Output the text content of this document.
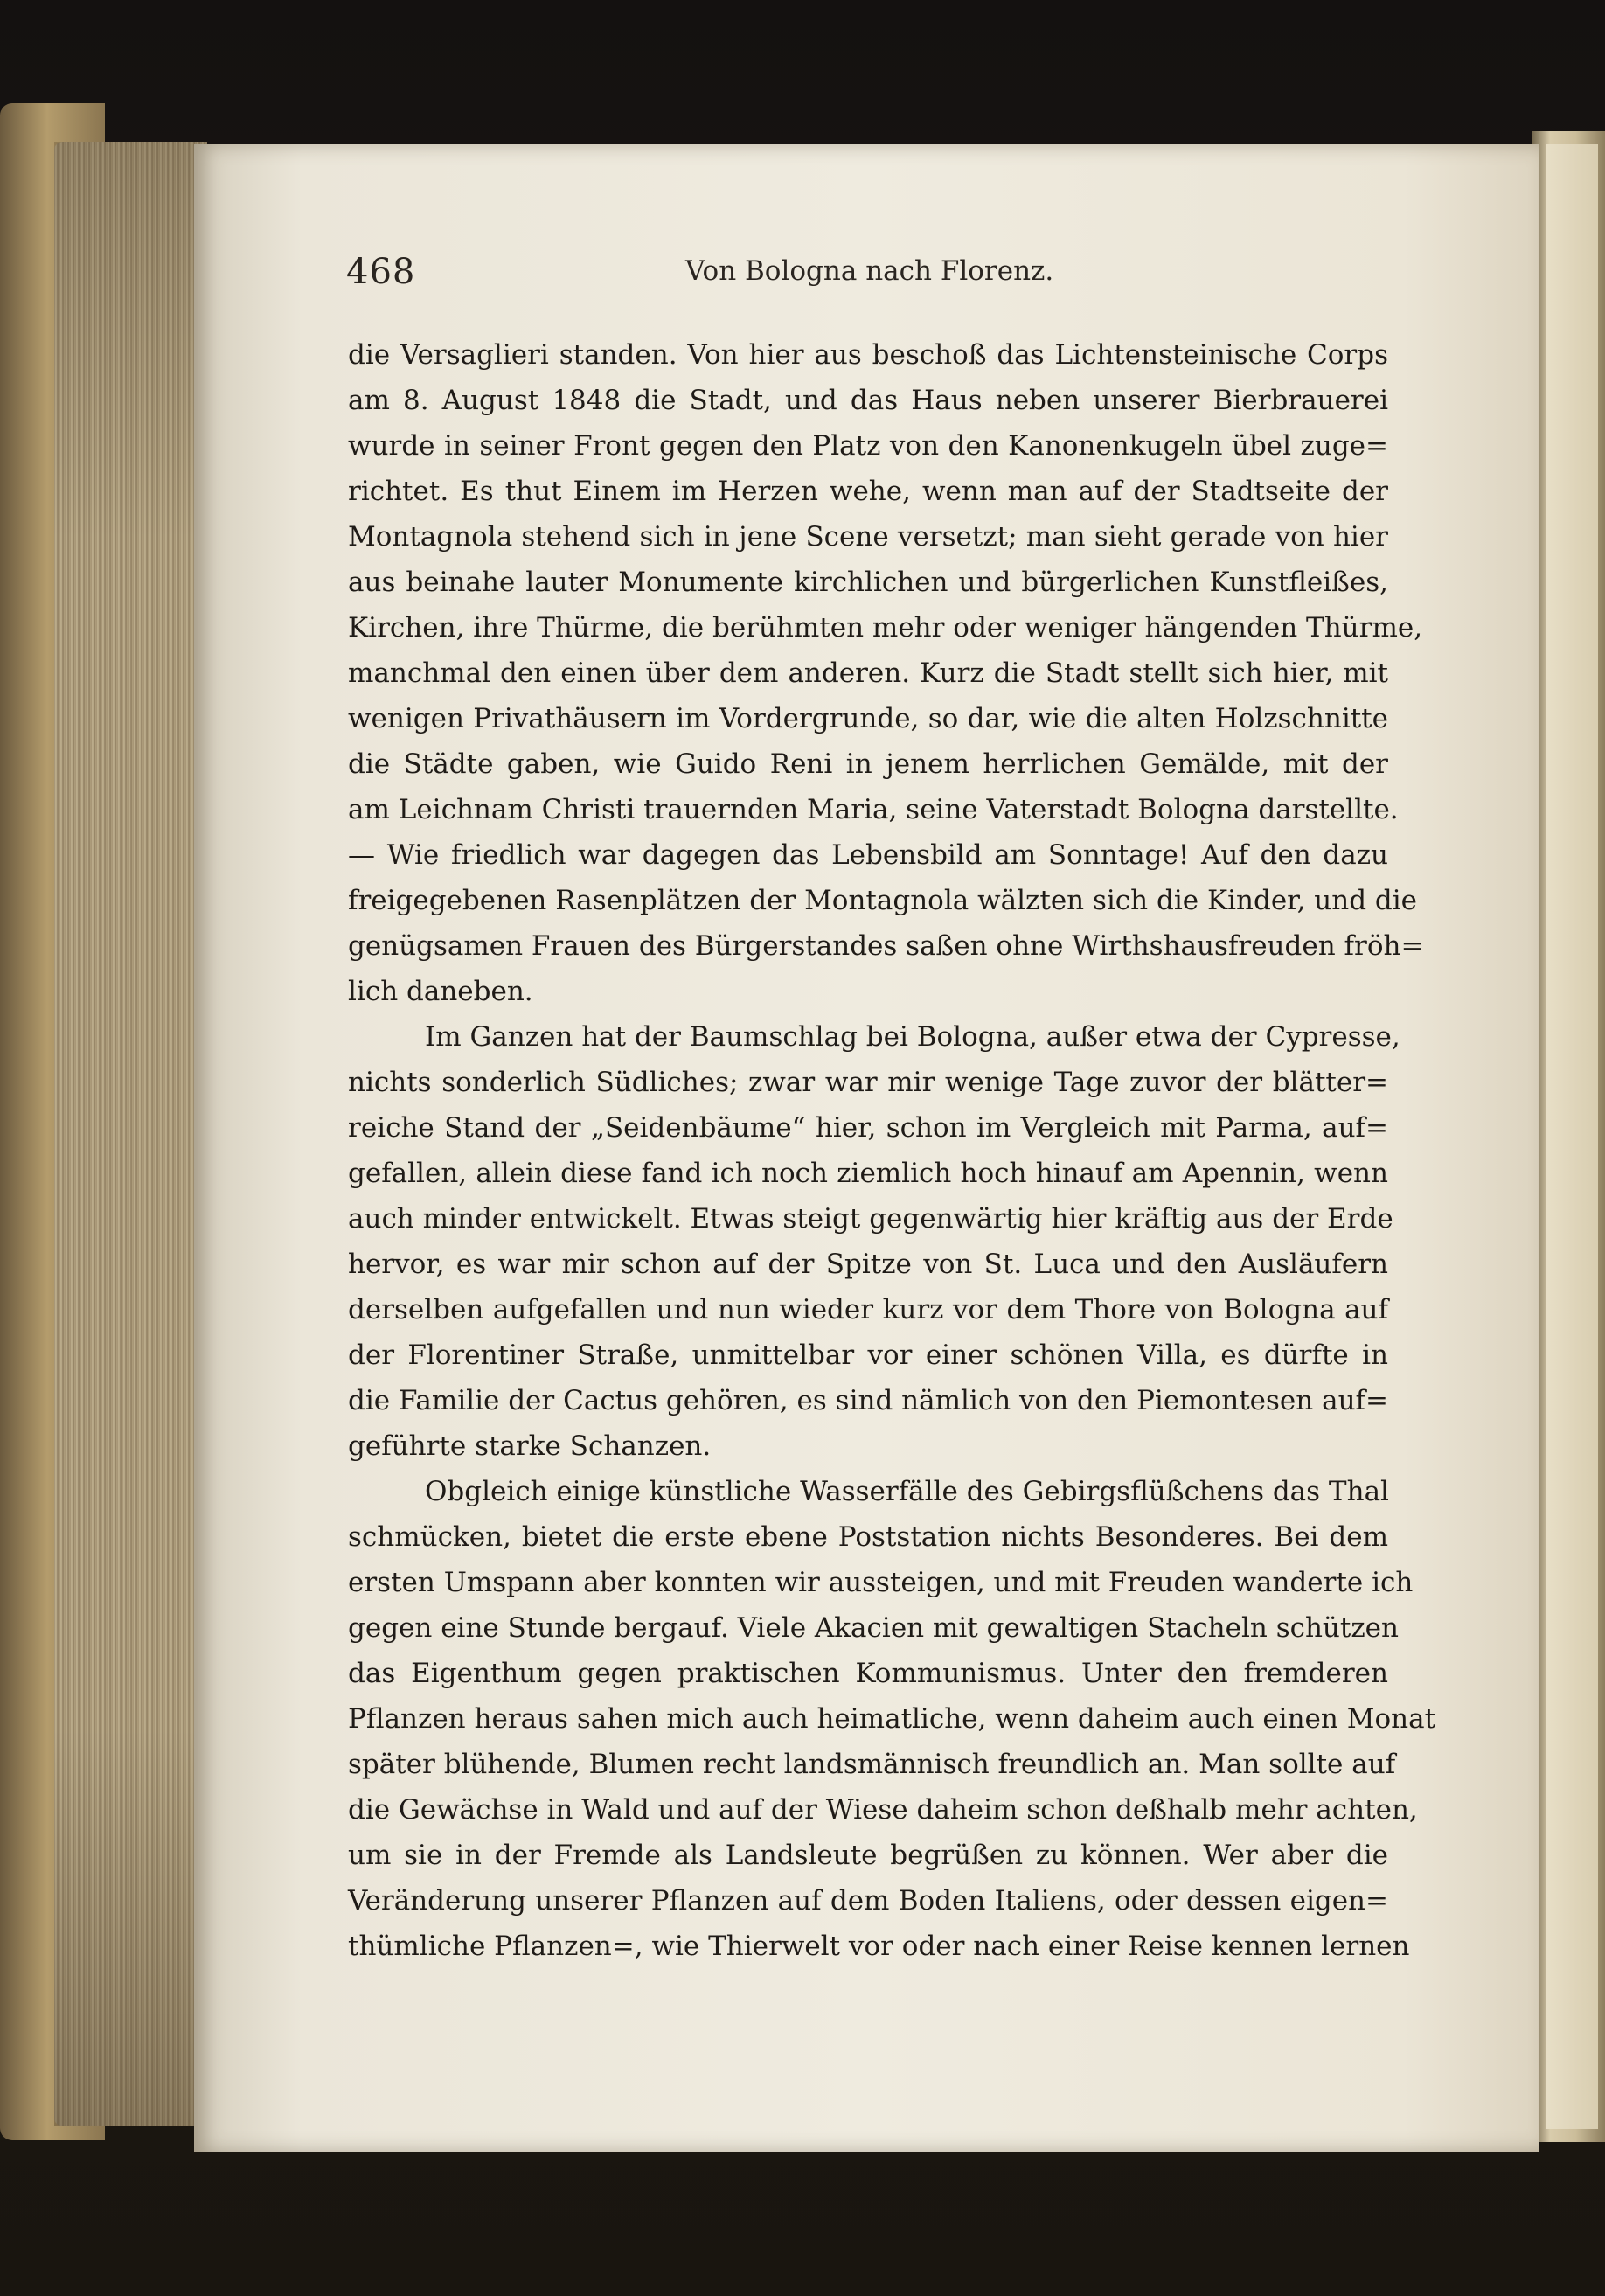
468	Von Bologna nach Florenz.
die Versaglieri standen. Von hier aus beschoß das Lichtensteinische Corps
am 8. August 1848 die Stadt, und das Haus neben unserer Bierbrauerei
wurde in seiner Front gegen den Platz von den Kanonenkugeln übel zuge=
richtet. Es thut Einem im Herzen wehe, wenn man auf der Stadtseite der
Montagnola stehend sich in jene Scene versetzt; man sieht gerade von hier
aus beinahe lauter Monumente kirchlichen und bürgerlichen Kunstfleißes,
Kirchen, ihre Thürme, die berühmten mehr oder weniger hängenden Thürme,
manchmal den einen über dem anderen. Kurz die Stadt stellt sich hier, mit
wenigen Privathäusern im Vordergrunde, so dar, wie die alten Holzschnitte
die Städte gaben, wie Guido Reni in jenem herrlichen Gemälde, mit der
am Leichnam Christi trauernden Maria, seine Vaterstadt Bologna darstellte.
— Wie friedlich war dagegen das Lebensbild am Sonntage! Auf den dazu
freigegebenen Rasenplätzen der Montagnola wälzten sich die Kinder, und die
genügsamen Frauen des Bürgerstandes saßen ohne Wirthshausfreuden fröh=
lich daneben.
Im Ganzen hat der Baumschlag bei Bologna, außer etwa der Cypresse,
nichts sonderlich Südliches; zwar war mir wenige Tage zuvor der blätter=
reiche Stand der „Seidenbäume“ hier, schon im Vergleich mit Parma, auf=
gefallen, allein diese fand ich noch ziemlich hoch hinauf am Apennin, wenn
auch minder entwickelt. Etwas steigt gegenwärtig hier kräftig aus der Erde
hervor, es war mir schon auf der Spitze von St. Luca und den Ausläufern
derselben aufgefallen und nun wieder kurz vor dem Thore von Bologna auf
der Florentiner Straße, unmittelbar vor einer schönen Villa, es dürfte in
die Familie der Cactus gehören, es sind nämlich von den Piemontesen auf=
geführte starke Schanzen.
Obgleich einige künstliche Wasserfälle des Gebirgsflüßchens das Thal
schmücken, bietet die erste ebene Poststation nichts Besonderes. Bei dem
ersten Umspann aber konnten wir aussteigen, und mit Freuden wanderte ich
gegen eine Stunde bergauf. Viele Akacien mit gewaltigen Stacheln schützen
das Eigenthum gegen praktischen Kommunismus. Unter den fremderen
Pflanzen heraus sahen mich auch heimatliche, wenn daheim auch einen Monat
später blühende, Blumen recht landsmännisch freundlich an. Man sollte auf
die Gewächse in Wald und auf der Wiese daheim schon deßhalb mehr achten,
um sie in der Fremde als Landsleute begrüßen zu können. Wer aber die
Veränderung unserer Pflanzen auf dem Boden Italiens, oder dessen eigen=
thümliche Pflanzen=, wie Thierwelt vor oder nach einer Reise kennen lernen
